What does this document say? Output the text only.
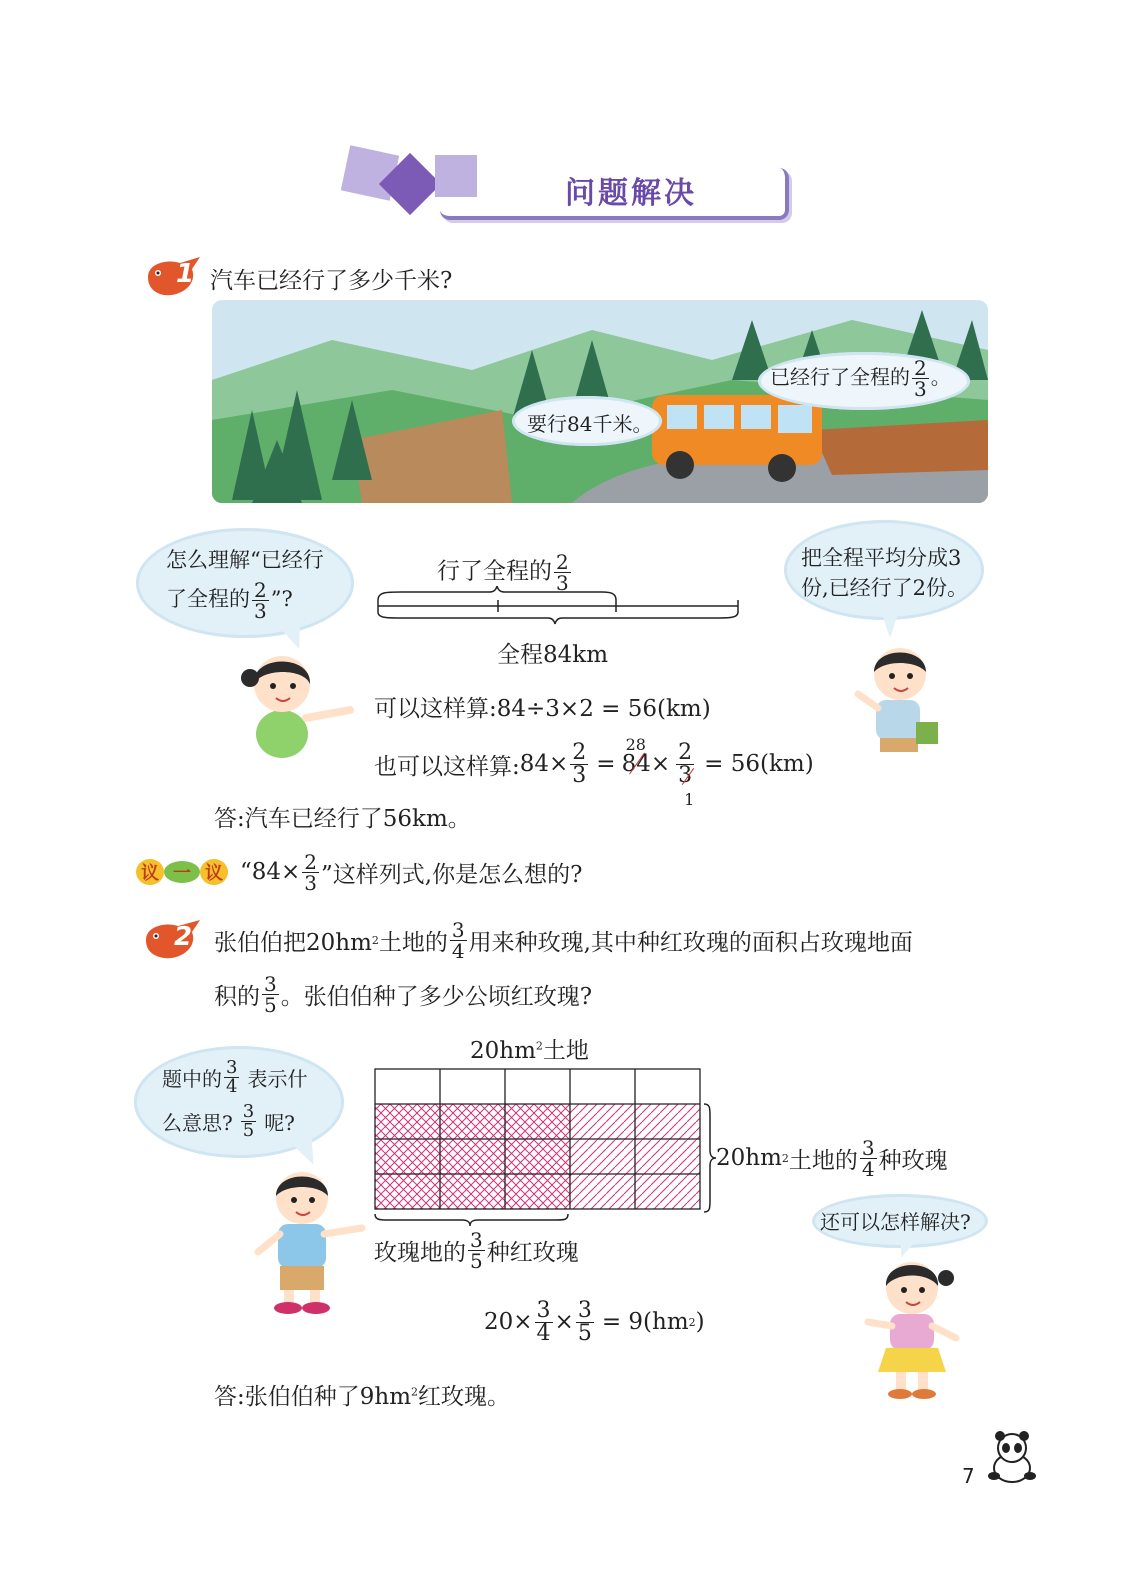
问题解决
1 汽车已经行了多少千米?
要行84千米。
已经行了全程的 $\frac{2}{3}$ 。
怎么理解“已经行
了全程的 $\frac{2}{3}$ ”?
把全程平均分成3
份,已经行了2份。
行了全程的 $\frac{2}{3}$
全程84km
可以这样算:84÷3×2 = 56(km)
也可以这样算: $84\times \frac{2}{3} = 84$
28
× 2
3
1
= 56(km)
答:汽车已经行了56km。
议 一 议 “$84\times \frac{2}{3}$ ”这样列式,你是怎么想的?
2 张伯伯把20hm 2 土地的 $\frac{3}{4}$ 用来种玫瑰,其中种红玫瑰的面积占玫瑰地面
积的 $\frac{3}{5}$ 。张伯伯种了多少公顷红玫瑰?
题中的 $\frac{3}{4}$ 表示什
么意思? $\frac{3}{5}$ 呢?
$20hm^2$土地
20hm 2 土地的 $\frac{3}{4}$ 种玫瑰
玫瑰地的 $\frac{3}{5}$ 种红玫瑰
还可以怎样解决?
$20\times \frac{3}{4} \times \frac{3}{5} = 9(hm$ 2 )
答:张伯伯种了$9hm^2$红玫瑰。
7
